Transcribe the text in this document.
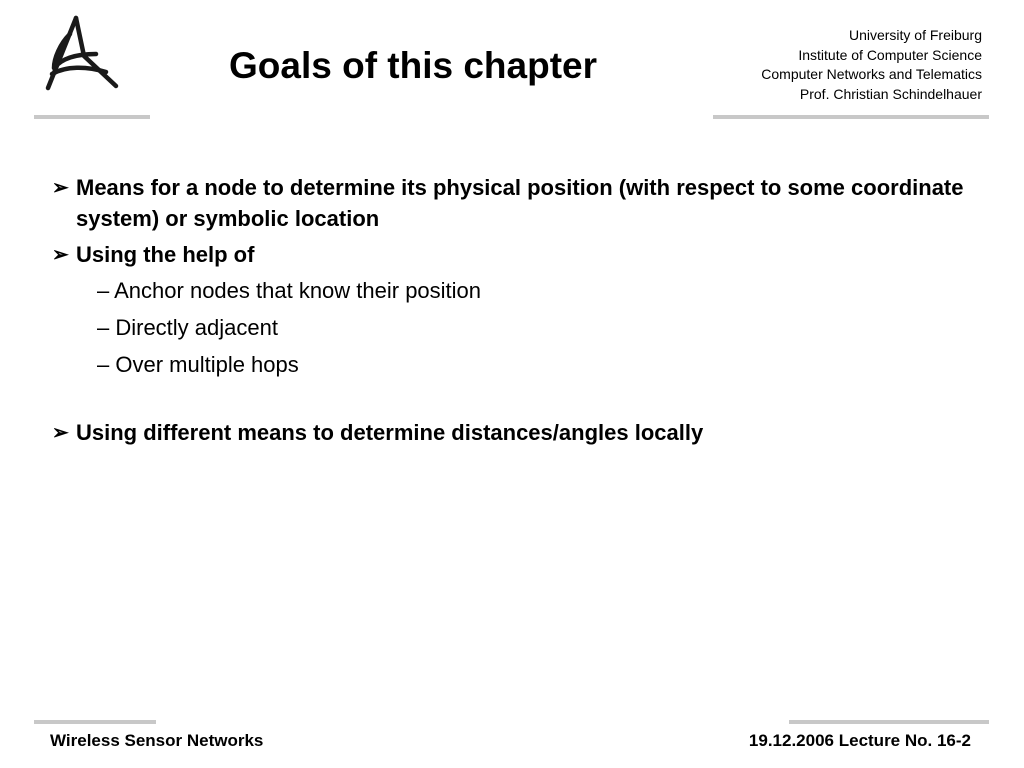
Goals of this chapter
University of Freiburg
Institute of Computer Science
Computer Networks and Telematics
Prof. Christian Schindelhauer
➢ Means for a node to determine its physical position (with respect to some coordinate system) or symbolic location
➢ Using the help of
– Anchor nodes that know their position
– Directly adjacent
– Over multiple hops
➢ Using different means to determine distances/angles locally
Wireless Sensor Networks	19.12.2006 Lecture No. 16-2
